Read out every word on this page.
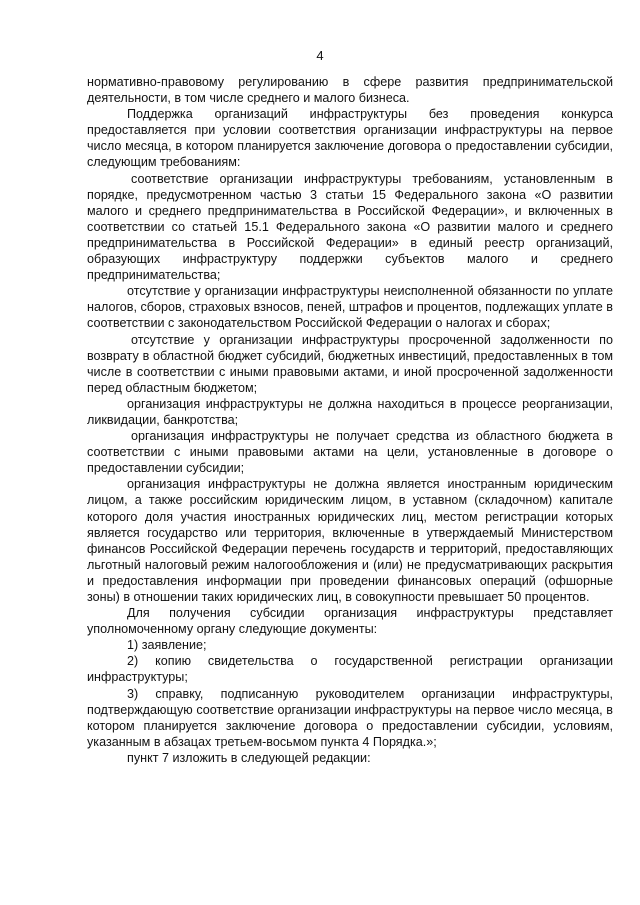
4

нормативно-правовому регулированию в сфере развития предпринимательской деятельности, в том числе среднего и малого бизнеса.

Поддержка организаций инфраструктуры без проведения конкурса предоставляется при условии соответствия организации инфраструктуры на первое число месяца, в котором планируется заключение договора о предоставлении субсидии, следующим требованиям:

соответствие организации инфраструктуры требованиям, установленным в порядке, предусмотренном частью 3 статьи 15 Федерального закона «О развитии малого и среднего предпринимательства в Российской Федерации», и включенных в соответствии со статьей 15.1 Федерального закона «О развитии малого и среднего предпринимательства в Российской Федерации» в единый реестр организаций, образующих инфраструктуру поддержки субъектов малого и среднего предпринимательства;

отсутствие у организации инфраструктуры неисполненной обязанности по уплате налогов, сборов, страховых взносов, пеней, штрафов и процентов, подлежащих уплате в соответствии с законодательством Российской Федерации о налогах и сборах;

отсутствие у организации инфраструктуры просроченной задолженности по возврату в областной бюджет субсидий, бюджетных инвестиций, предоставленных в том числе в соответствии с иными правовыми актами, и иной просроченной задолженности перед областным бюджетом;

организация инфраструктуры не должна находиться в процессе реорганизации, ликвидации, банкротства;

организация инфраструктуры не получает средства из областного бюджета в соответствии с иными правовыми актами на цели, установленные в договоре о предоставлении субсидии;

организация инфраструктуры не должна является иностранным юридическим лицом, а также российским юридическим лицом, в уставном (складочном) капитале которого доля участия иностранных юридических лиц, местом регистрации которых является государство или территория, включенные в утверждаемый Министерством финансов Российской Федерации перечень государств и территорий, предоставляющих льготный налоговый режим налогообложения и (или) не предусматривающих раскрытия и предоставления информации при проведении финансовых операций (офшорные зоны) в отношении таких юридических лиц, в совокупности превышает 50 процентов.

Для получения субсидии организация инфраструктуры представляет уполномоченному органу следующие документы:

1) заявление;

2) копию свидетельства о государственной регистрации организации инфраструктуры;

3) справку, подписанную руководителем организации инфраструктуры, подтверждающую соответствие организации инфраструктуры на первое число месяца, в котором планируется заключение договора о предоставлении субсидии, условиям, указанным в абзацах третьем-восьмом пункта 4 Порядка.»;

пункт 7 изложить в следующей редакции:
